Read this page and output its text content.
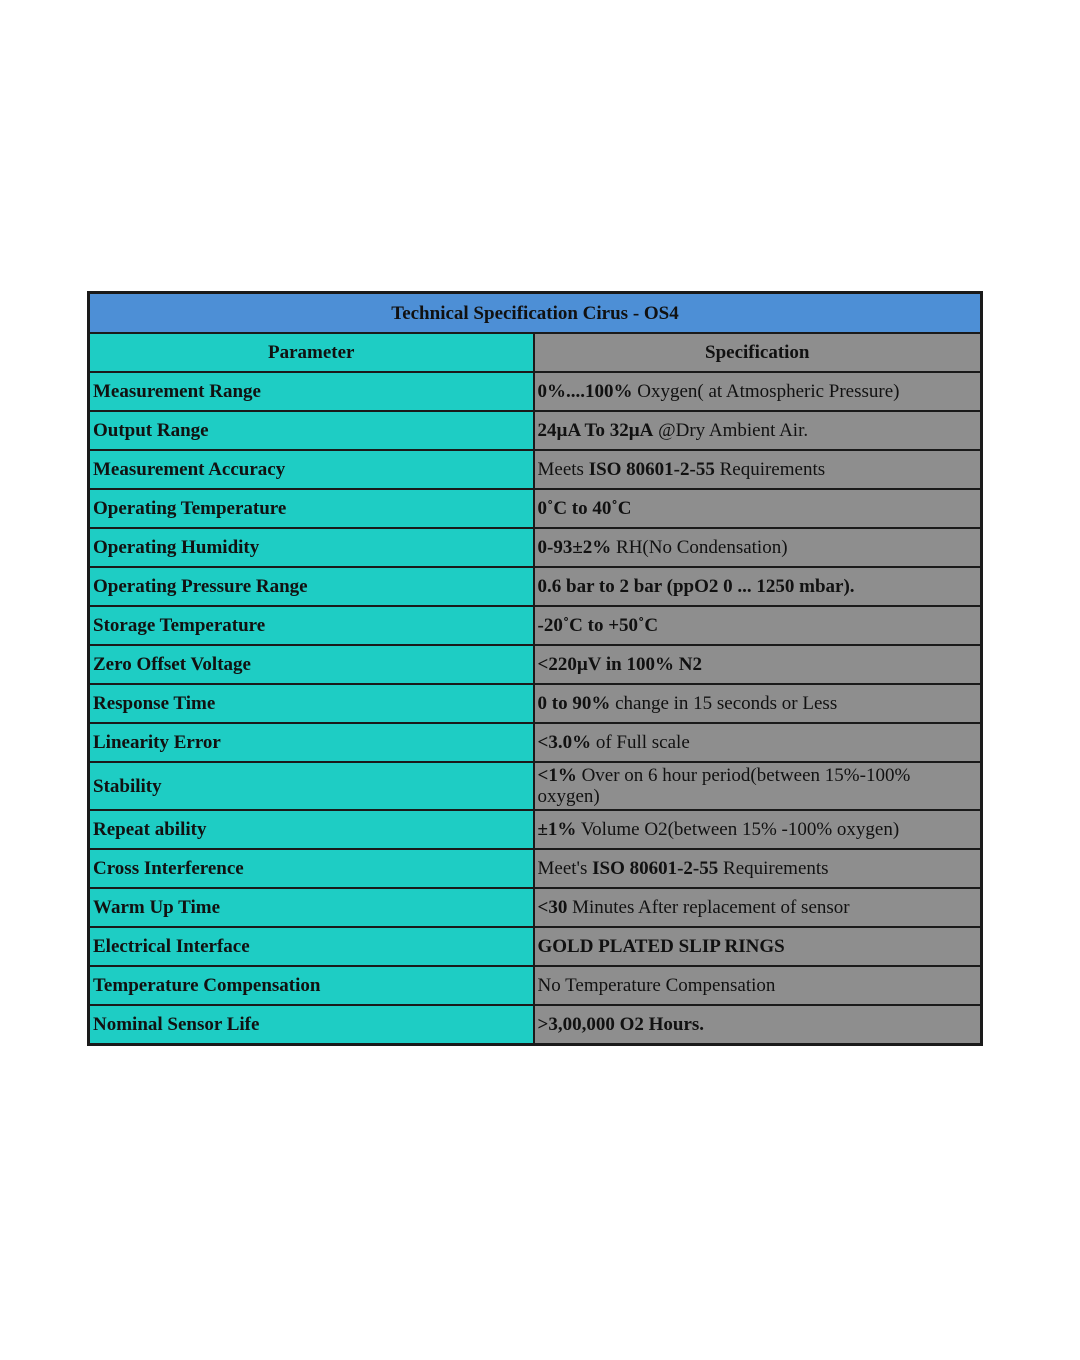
Technical Specification Cirus - OS4	
Parameter	Specification
Measurement Range	0%....100% Oxygen( at Atmospheric Pressure)
Output Range	24µA To 32µA @Dry Ambient Air.
Measurement Accuracy	Meets ISO 80601-2-55 Requirements
Operating Temperature	0˚C to 40˚C
Operating Humidity	0-93±2% RH(No Condensation)
Operating Pressure Range	0.6 bar to 2 bar (ppO2 0 ... 1250 mbar).
Storage Temperature	-20˚C to +50˚C
Zero Offset Voltage	<220µV in 100% N2
Response Time	0 to 90% change in 15 seconds or Less
Linearity Error	<3.0% of Full scale
Stability	<1% Over on 6 hour period(between 15%-100% oxygen)
Repeat ability	±1% Volume O2(between 15% -100% oxygen)
Cross Interference	Meet's ISO 80601-2-55 Requirements
Warm Up Time	<30 Minutes After replacement of sensor
Electrical Interface	GOLD PLATED SLIP RINGS
Temperature Compensation	No Temperature Compensation
Nominal Sensor Life	>3,00,000 O2 Hours.
